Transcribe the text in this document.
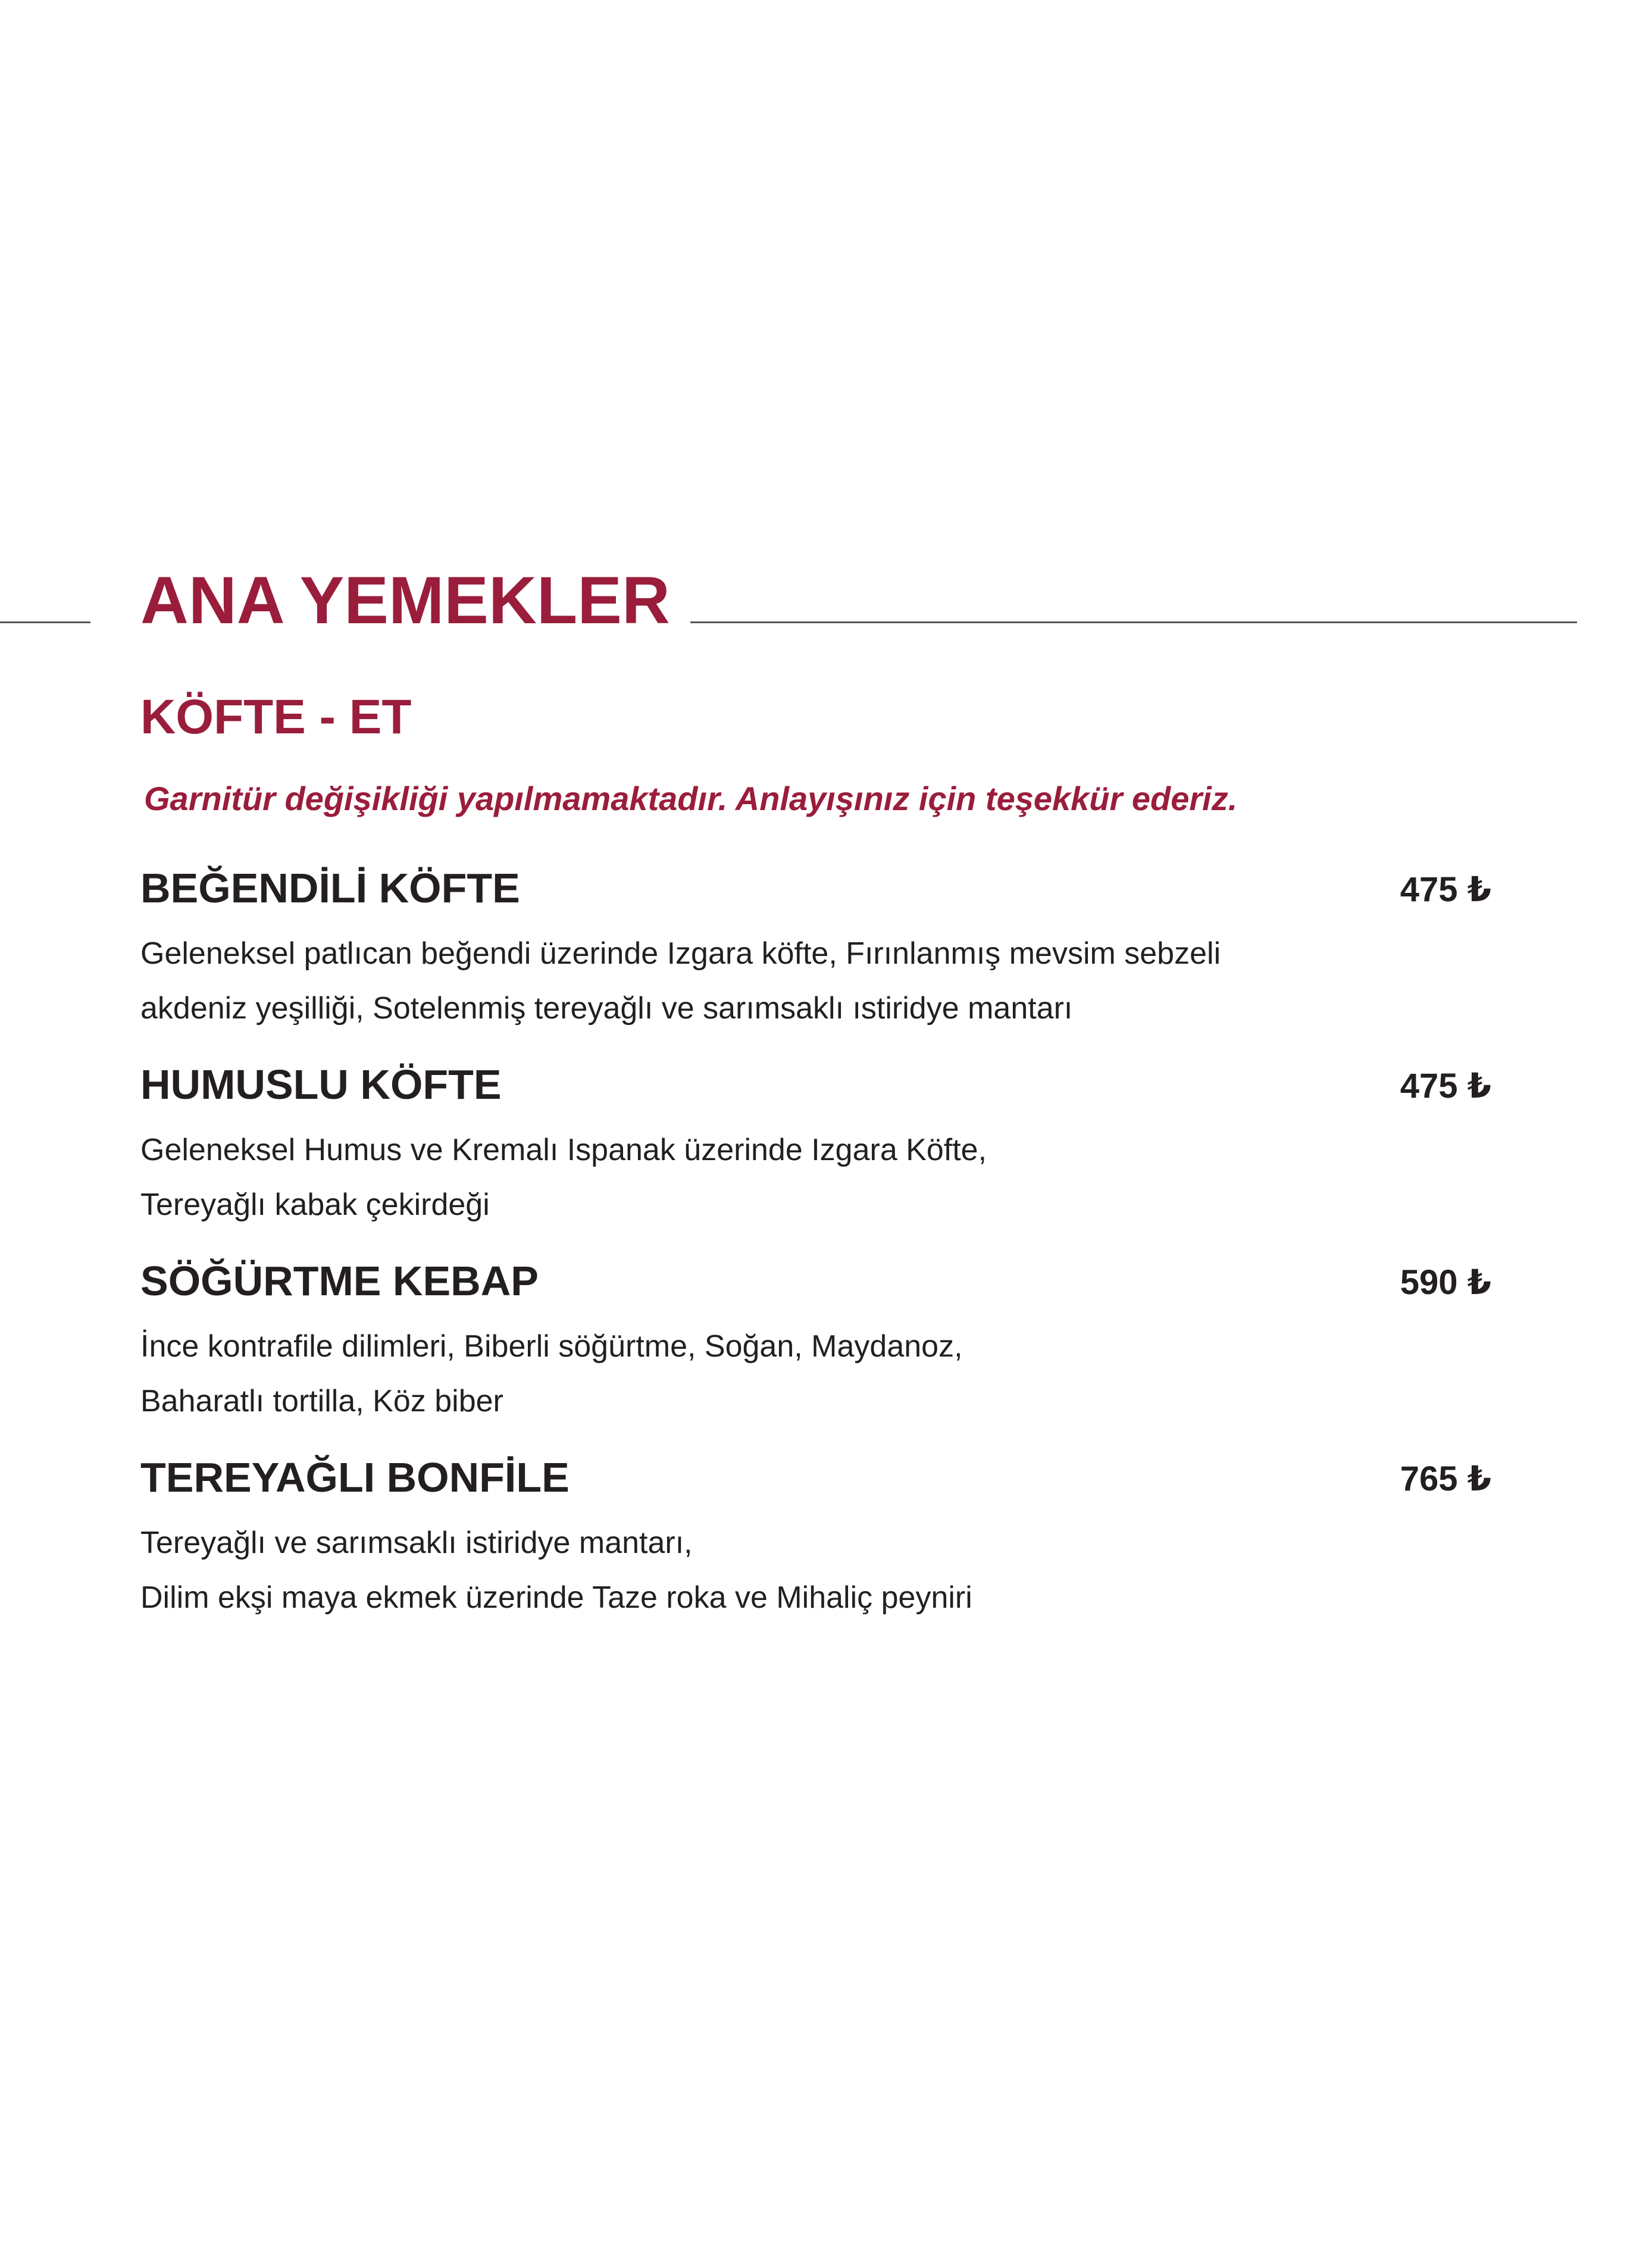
ANA YEMEKLER
KÖFTE - ET

Garnitür değişikliği yapılmamaktadır. Anlayışınız için teşekkür ederiz.

BEĞENDİLİ KÖFTE	475 ₺

Geleneksel patlıcan beğendi üzerinde Izgara köfte, Fırınlanmış mevsim sebzeli
akdeniz yeşilliği, Sotelenmiş tereyağlı ve sarımsaklı ıstiridye mantarı

HUMUSLU KÖFTE	475 ₺

Geleneksel Humus ve Kremalı Ispanak üzerinde Izgara Köfte,
Tereyağlı kabak çekirdeği

SÖĞÜRTME KEBAP	590 ₺

İnce kontrafile dilimleri, Biberli söğürtme, Soğan, Maydanoz,
Baharatlı tortilla, Köz biber

TEREYAĞLI BONFİLE	765 ₺

Tereyağlı ve sarımsaklı istiridye mantarı,
Dilim ekşi maya ekmek üzerinde Taze roka ve Mihaliç peyniri
